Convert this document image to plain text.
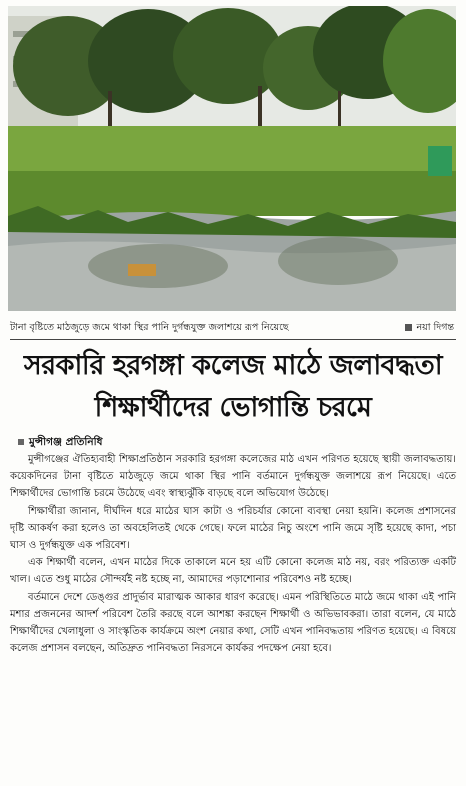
টানা বৃষ্টিতে মাঠজুড়ে জমে থাকা স্থির পানি দুর্গন্ধযুক্ত জলাশয়ে রূপ নিয়েছে	নয়া দিগন্ত
সরকারি হরগঙ্গা কলেজ মাঠে জলাবদ্ধতা
শিক্ষার্থীদের ভোগান্তি চরমে
মুন্সীগঞ্জ প্রতিনিধি

মুন্সীগঞ্জের ঐতিহ্যবাহী শিক্ষাপ্রতিষ্ঠান সরকারি হরগঙ্গা কলেজের মাঠ এখন পরিণত হয়েছে স্থায়ী জলাবদ্ধতায়। কয়েকদিনের টানা বৃষ্টিতে মাঠজুড়ে জমে থাকা স্থির পানি বর্তমানে দুর্গন্ধযুক্ত জলাশয়ে রূপ নিয়েছে। এতে শিক্ষার্থীদের ভোগান্তি চরমে উঠেছে এবং স্বাস্থ্যঝুঁকি বাড়ছে বলে অভিযোগ উঠেছে।

শিক্ষার্থীরা জানান, দীর্ঘদিন ধরে মাঠের ঘাস কাটা ও পরিচর্যার কোনো ব্যবস্থা নেয়া হয়নি। কলেজ প্রশাসনের দৃষ্টি আকর্ষণ করা হলেও তা অবহেলিতই থেকে গেছে। ফলে মাঠের নিচু অংশে পানি জমে সৃষ্টি হয়েছে কাদা, পচা ঘাস ও দুর্গন্ধযুক্ত এক পরিবেশ।

এক শিক্ষার্থী বলেন, এখন মাঠের দিকে তাকালে মনে হয় এটি কোনো কলেজ মাঠ নয়, বরং পরিত্যক্ত একটি খাল। এতে শুধু মাঠের সৌন্দর্যই নষ্ট হচ্ছে না, আমাদের পড়াশোনার পরিবেশও নষ্ট হচ্ছে।

বর্তমানে দেশে ডেঙ্গুর প্রাদুর্ভাব মারাত্মক আকার ধারণ করেছে। এমন পরিস্থিতিতে মাঠে জমে থাকা এই পানি মশার প্রজননের আদর্শ পরিবেশ তৈরি করছে বলে আশঙ্কা করছেন শিক্ষার্থী ও অভিভাবকরা। তারা বলেন, যে মাঠে শিক্ষার্থীদের খেলাধুলা ও সাংস্কৃতিক কার্যক্রমে অংশ নেয়ার কথা, সেটি এখন পানিবদ্ধতায় পরিণত হয়েছে। এ বিষয়ে কলেজ প্রশাসন বলছেন, অতিদ্রুত পানিবদ্ধতা নিরসনে কার্যকর পদক্ষেপ নেয়া হবে।
